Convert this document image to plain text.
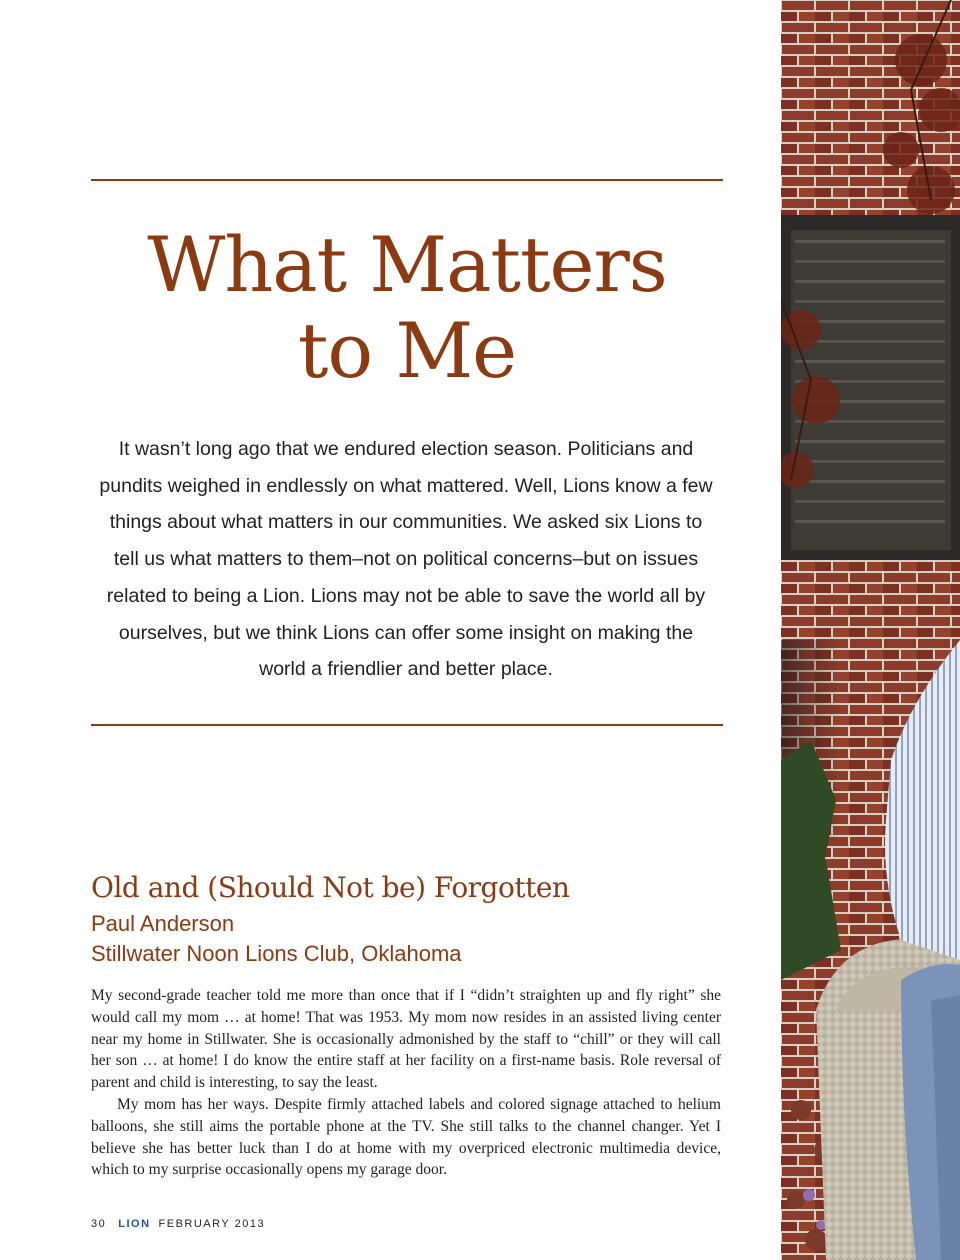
What Matters
to Me

It wasn’t long ago that we endured election season. Politicians and pundits weighed in endlessly on what mattered. Well, Lions know a few things about what matters in our communities. We asked six Lions to tell us what matters to them–not on political concerns–but on issues related to being a Lion. Lions may not be able to save the world all by ourselves, but we think Lions can offer some insight on making the world a friendlier and better place.

Old and (Should Not be) Forgotten

Paul Anderson

Stillwater Noon Lions Club, Oklahoma

My second-grade teacher told me more than once that if I “didn’t straighten up and fly right” she would call my mom … at home! That was 1953. My mom now resides in an assisted living center near my home in Stillwater. She is occasionally admonished by the staff to “chill” or they will call her son … at home! I do know the entire staff at her facility on a first-name basis. Role reversal of parent and child is interesting, to say the least.

My mom has her ways. Despite firmly attached labels and colored signage attached to helium balloons, she still aims the portable phone at the TV. She still talks to the channel changer. Yet I believe she has better luck than I do at home with my overpriced electronic multimedia device, which to my surprise occasionally opens my garage door.

30 LION FEBRUARY 2013
